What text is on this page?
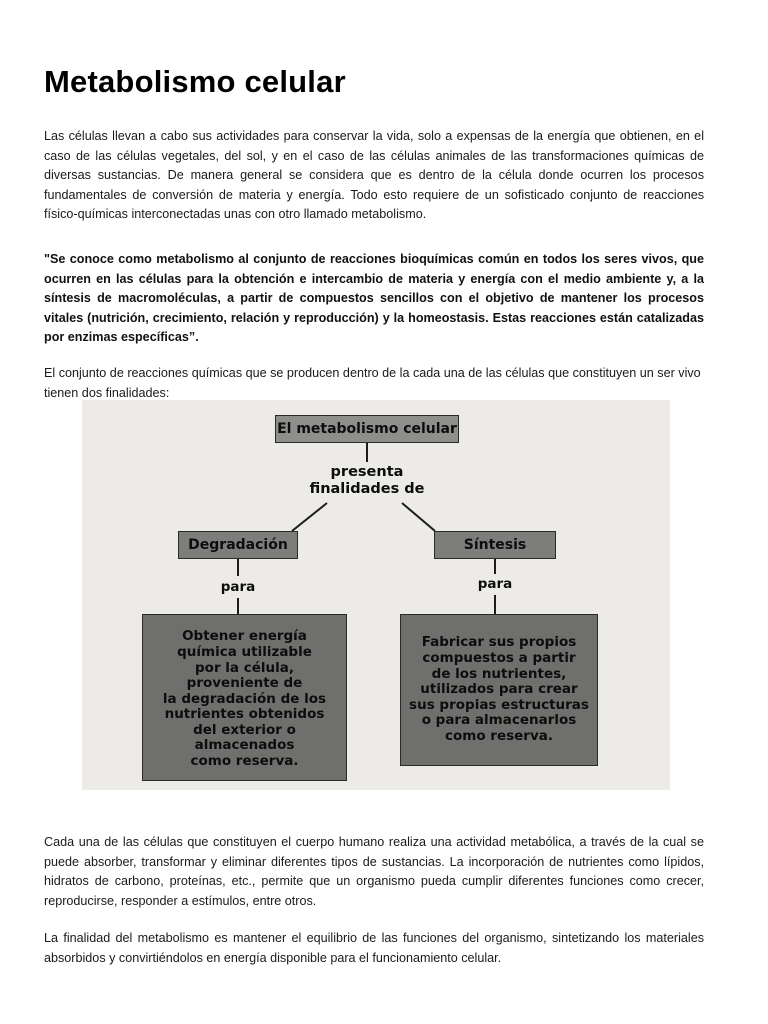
Metabolismo celular

Las células llevan a cabo sus actividades para conservar la vida, solo a expensas de la energía que obtienen, en el caso de las células vegetales, del sol, y en el caso de las células animales de las transformaciones químicas de diversas sustancias. De manera general se considera que es dentro de la célula donde ocurren los procesos fundamentales de conversión de materia y energía. Todo esto requiere de un sofisticado conjunto de reacciones físico-químicas interconectadas unas con otro llamado metabolismo.

"Se conoce como metabolismo al conjunto de reacciones bioquímicas común en todos los seres vivos, que ocurren en las células para la obtención e intercambio de materia y energía con el medio ambiente y, a la síntesis de macromoléculas, a partir de compuestos sencillos con el objetivo de mantener los procesos vitales (nutrición, crecimiento, relación y reproducción) y la homeostasis. Estas reacciones están catalizadas por enzimas específicas”.

El conjunto de reacciones químicas que se producen dentro de la cada una de las células que constituyen un ser vivo tienen dos finalidades:

Cada una de las células que constituyen el cuerpo humano realiza una actividad metabólica, a través de la cual se puede absorber, transformar y eliminar diferentes tipos de sustancias. La incorporación de nutrientes como lípidos, hidratos de carbono, proteínas, etc., permite que un organismo pueda cumplir diferentes funciones como crecer, reproducirse, responder a estímulos, entre otros.

La finalidad del metabolismo es mantener el equilibrio de las funciones del organismo, sintetizando los materiales absorbidos y convirtiéndolos en energía disponible para el funcionamiento celular.

El metabolismo celular
presenta
finalidades de
Degradación	Síntesis
para	para
Obtener energía
química utilizable
por la célula,
proveniente de
la degradación de los
nutrientes obtenidos
del exterior o almacenados
como reserva.
Fabricar sus propios
compuestos a partir
de los nutrientes,
utilizados para crear
sus propias estructuras
o para almacenarlos
como reserva.
